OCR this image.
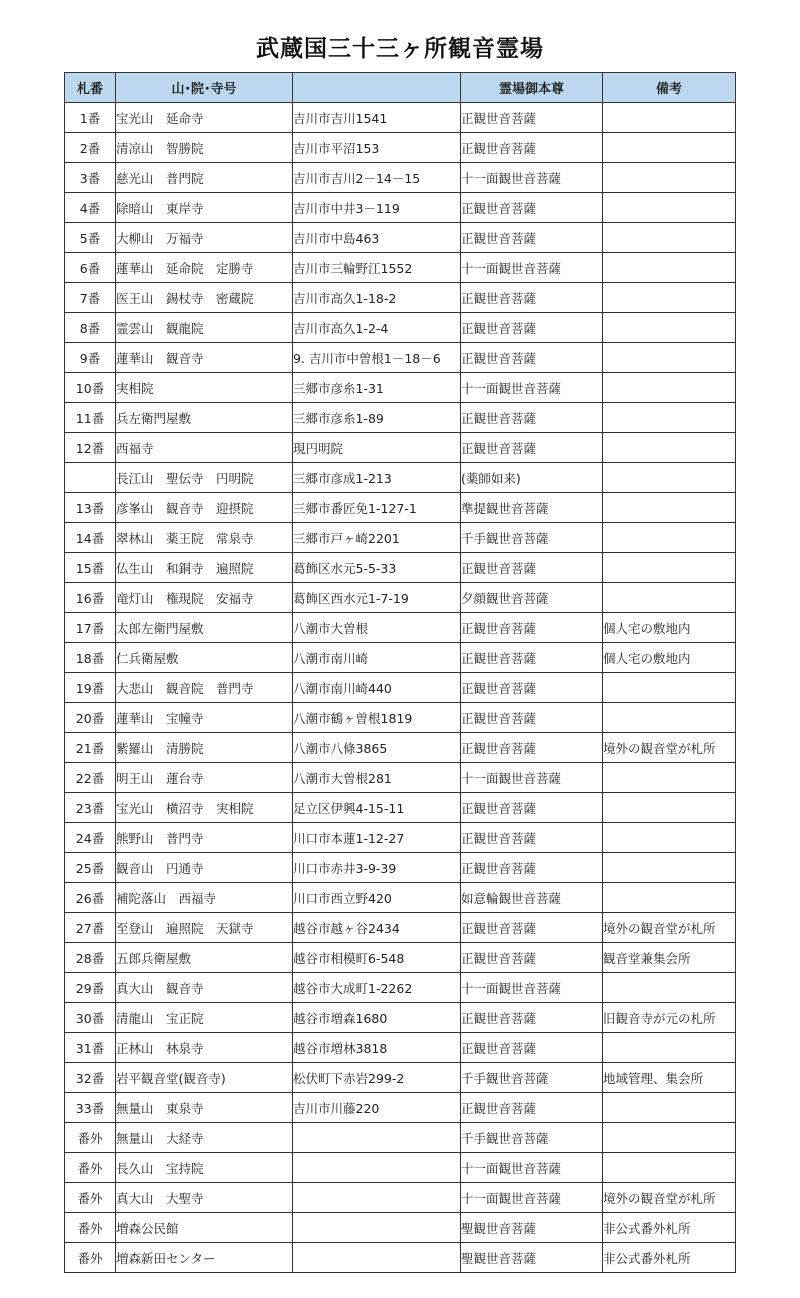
武蔵国三十三ヶ所観音霊場
札番	山･院･寺号		霊場御本尊	備考
1番	宝光山　延命寺	吉川市吉川1541	正観世音菩薩	
2番	清凉山　智勝院	吉川市平沼153	正観世音菩薩	
3番	慈光山　普門院	吉川市吉川2－14－15	十一面観世音菩薩	
4番	除暗山　東岸寺	吉川市中井3－119	正観世音菩薩	
5番	大柳山　万福寺	吉川市中島463	正観世音菩薩	
6番	蓮華山　延命院　定勝寺	吉川市三輪野江1552	十一面観世音菩薩	
7番	医王山　錫杖寺　密蔵院	吉川市高久1-18-2	正観世音菩薩	
8番	霊雲山　観龍院	吉川市高久1-2-4	正観世音菩薩	
9番	蓮華山　観音寺	9. 吉川市中曽根1－18－6	正観世音菩薩	
10番	実相院	三郷市彦糸1-31	十一面観世音菩薩	
11番	兵左衛門屋敷	三郷市彦糸1-89	正観世音菩薩	
12番	西福寺	現円明院	正観世音菩薩	
	長江山　聖伝寺　円明院	三郷市彦成1-213	(薬師如来)	
13番	彦峯山　観音寺　迎摂院	三郷市番匠免1-127-1	準提観世音菩薩	
14番	翠林山　薬王院　常泉寺	三郷市戸ヶ崎2201	千手観世音菩薩	
15番	仏生山　和銅寺　遍照院	葛飾区水元5-5-33	正観世音菩薩	
16番	竜灯山　権現院　安福寺	葛飾区西水元1-7-19	夕顔観世音菩薩	
17番	太郎左衛門屋敷	八潮市大曽根	正観世音菩薩	個人宅の敷地内
18番	仁兵衛屋敷	八潮市南川崎	正観世音菩薩	個人宅の敷地内
19番	大悲山　観音院　普門寺	八潮市南川崎440	正観世音菩薩	
20番	蓮華山　宝幢寺	八潮市鶴ヶ曽根1819	正観世音菩薩	
21番	紫羅山　清勝院	八潮市八條3865	正観世音菩薩	境外の観音堂が札所
22番	明王山　蓮台寺	八潮市大曽根281	十一面観世音菩薩	
23番	宝光山　横沼寺　実相院	足立区伊興4-15-11	正観世音菩薩	
24番	熊野山　普門寺	川口市本蓮1-12-27	正観世音菩薩	
25番	観音山　円通寺	川口市赤井3-9-39	正観世音菩薩	
26番	補陀落山　西福寺	川口市西立野420	如意輪観世音菩薩	
27番	至登山　遍照院　天獄寺	越谷市越ヶ谷2434	正観世音菩薩	境外の観音堂が札所
28番	五郎兵衛屋敷	越谷市相模町6-548	正観世音菩薩	観音堂兼集会所
29番	真大山　観音寺	越谷市大成町1-2262	十一面観世音菩薩	
30番	清龍山　宝正院	越谷市増森1680	正観世音菩薩	旧観音寺が元の札所
31番	正林山　林泉寺	越谷市増林3818	正観世音菩薩	
32番	岩平観音堂(観音寺)	松伏町下赤岩299-2	千手観世音菩薩	地域管理、集会所
33番	無量山　東泉寺	吉川市川藤220	正観世音菩薩	
番外	無量山　大経寺		千手観世音菩薩	
番外	長久山　宝持院		十一面観世音菩薩	
番外	真大山　大聖寺		十一面観世音菩薩	境外の観音堂が札所
番外	増森公民館		聖観世音菩薩	非公式番外札所
番外	増森新田センター		聖観世音菩薩	非公式番外札所
